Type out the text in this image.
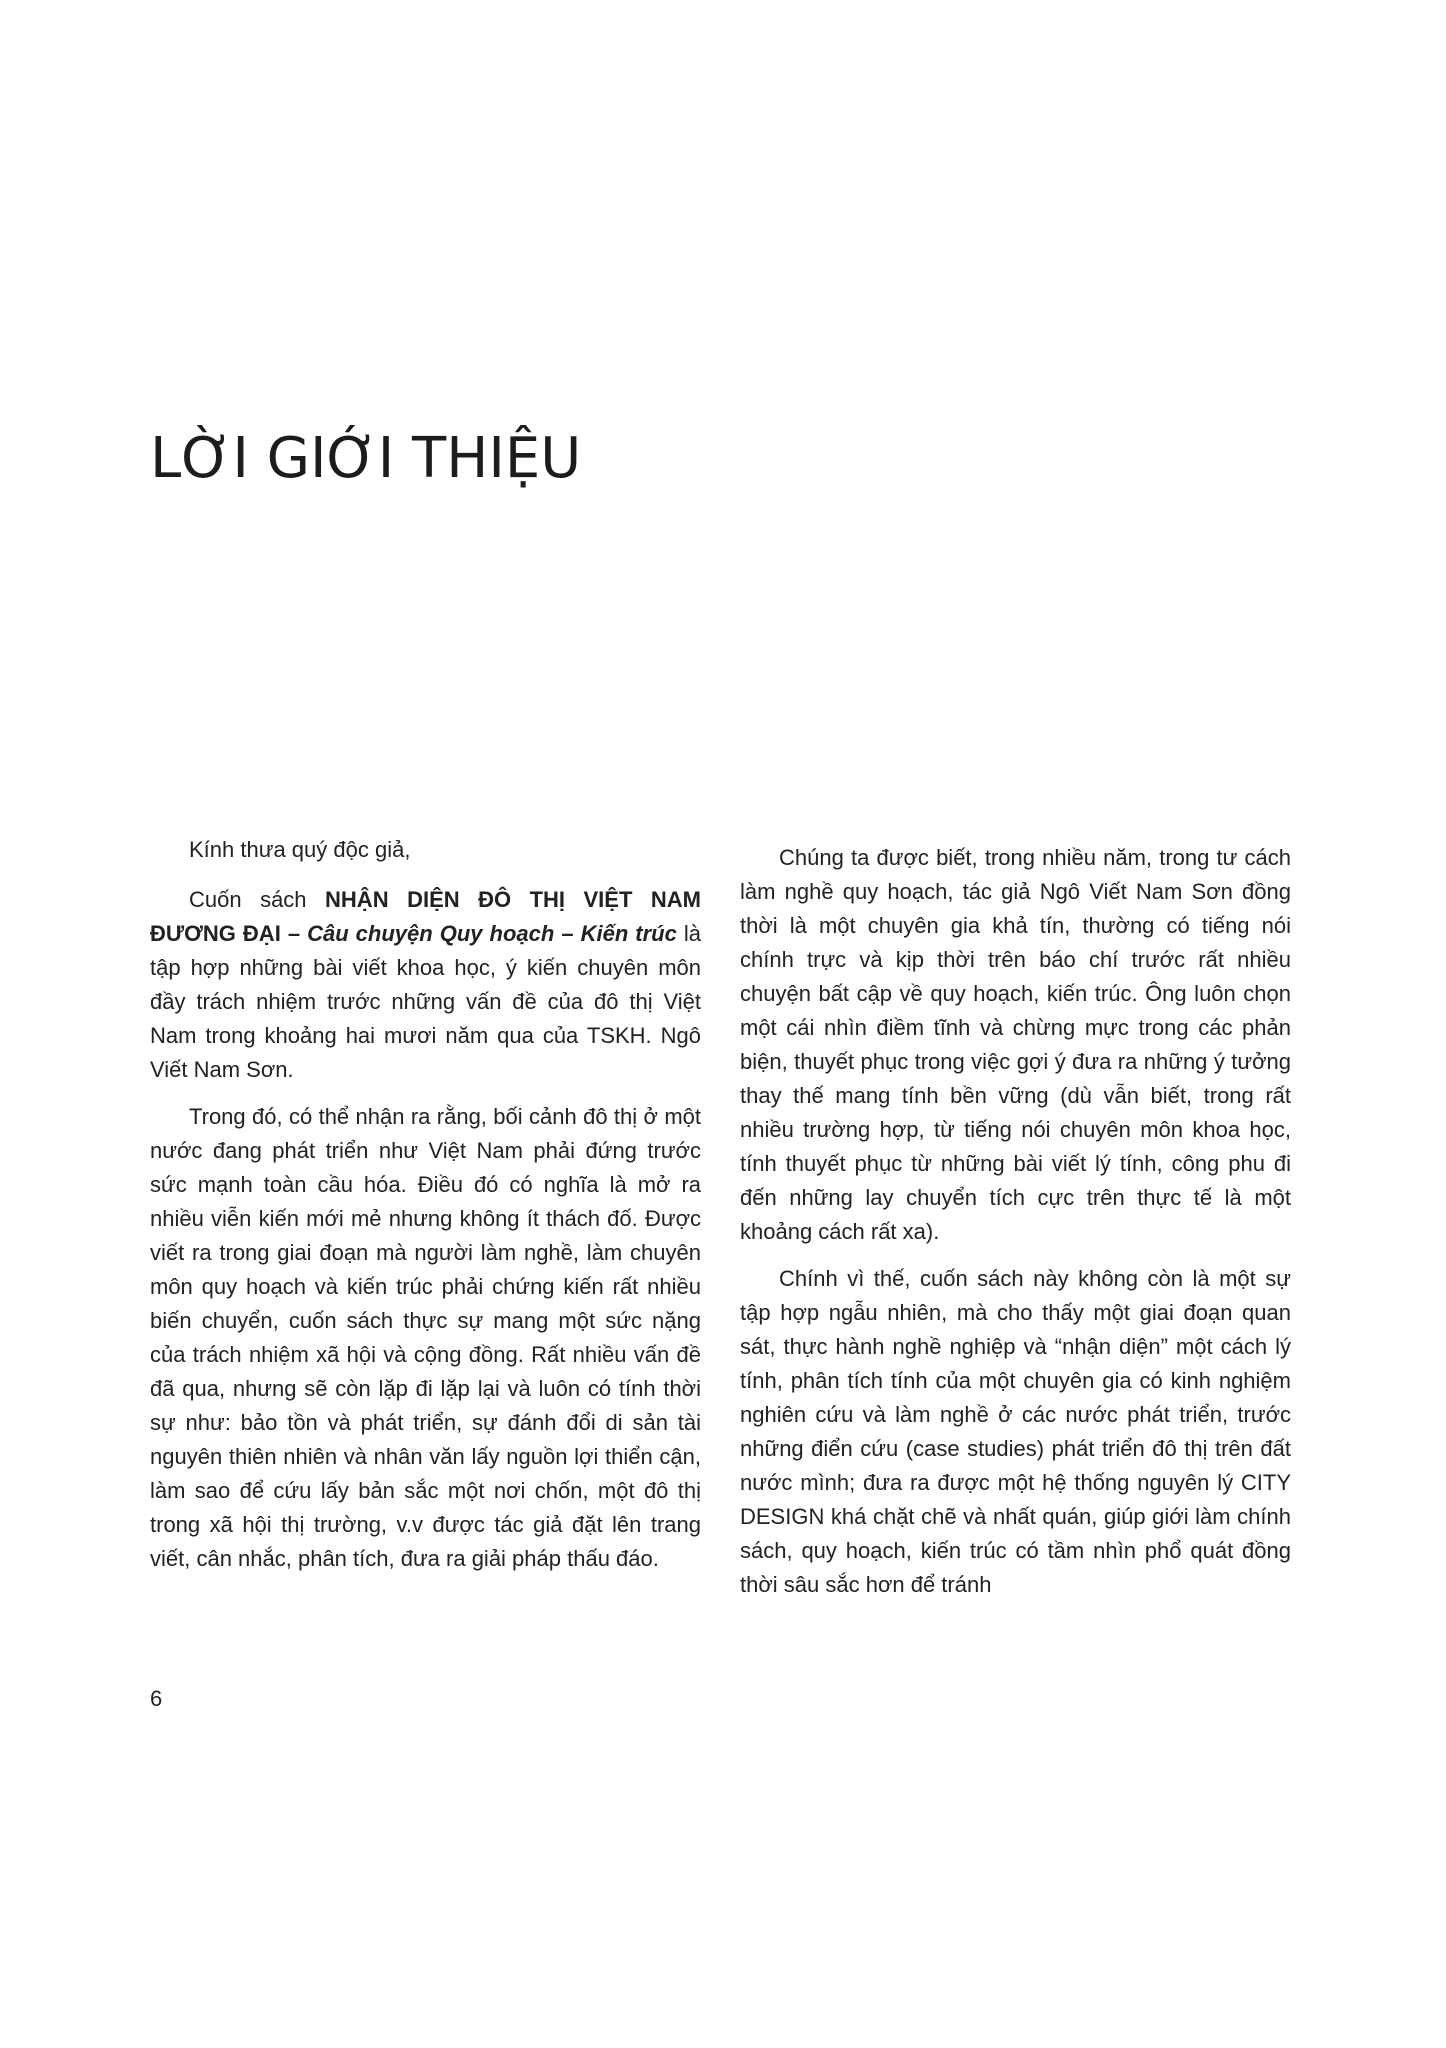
LỜI GIỚI THIỆU

Kính thưa quý độc giả,

Cuốn sách NHẬN DIỆN ĐÔ THỊ VIỆT NAM ĐƯƠNG ĐẠI – Câu chuyện Quy hoạch – Kiến trúc là tập hợp những bài viết khoa học, ý kiến chuyên môn đầy trách nhiệm trước những vấn đề của đô thị Việt Nam trong khoảng hai mươi năm qua của TSKH. Ngô Viết Nam Sơn.

Trong đó, có thể nhận ra rằng, bối cảnh đô thị ở một nước đang phát triển như Việt Nam phải đứng trước sức mạnh toàn cầu hóa. Điều đó có nghĩa là mở ra nhiều viễn kiến mới mẻ nhưng không ít thách đố. Được viết ra trong giai đoạn mà người làm nghề, làm chuyên môn quy hoạch và kiến trúc phải chứng kiến rất nhiều biến chuyển, cuốn sách thực sự mang một sức nặng của trách nhiệm xã hội và cộng đồng. Rất nhiều vấn đề đã qua, nhưng sẽ còn lặp đi lặp lại và luôn có tính thời sự như: bảo tồn và phát triển, sự đánh đổi di sản tài nguyên thiên nhiên và nhân văn lấy nguồn lợi thiển cận, làm sao để cứu lấy bản sắc một nơi chốn, một đô thị trong xã hội thị trường, v.v được tác giả đặt lên trang viết, cân nhắc, phân tích, đưa ra giải pháp thấu đáo.

Chúng ta được biết, trong nhiều năm, trong tư cách làm nghề quy hoạch, tác giả Ngô Viết Nam Sơn đồng thời là một chuyên gia khả tín, thường có tiếng nói chính trực và kịp thời trên báo chí trước rất nhiều chuyện bất cập về quy hoạch, kiến trúc. Ông luôn chọn một cái nhìn điềm tĩnh và chừng mực trong các phản biện, thuyết phục trong việc gợi ý đưa ra những ý tưởng thay thế mang tính bền vững (dù vẫn biết, trong rất nhiều trường hợp, từ tiếng nói chuyên môn khoa học, tính thuyết phục từ những bài viết lý tính, công phu đi đến những lay chuyển tích cực trên thực tế là một khoảng cách rất xa).

Chính vì thế, cuốn sách này không còn là một sự tập hợp ngẫu nhiên, mà cho thấy một giai đoạn quan sát, thực hành nghề nghiệp và “nhận diện” một cách lý tính, phân tích tính của một chuyên gia có kinh nghiệm nghiên cứu và làm nghề ở các nước phát triển, trước những điển cứu (case studies) phát triển đô thị trên đất nước mình; đưa ra được một hệ thống nguyên lý CITY DESIGN khá chặt chẽ và nhất quán, giúp giới làm chính sách, quy hoạch, kiến trúc có tầm nhìn phổ quát đồng thời sâu sắc hơn để tránh

6
